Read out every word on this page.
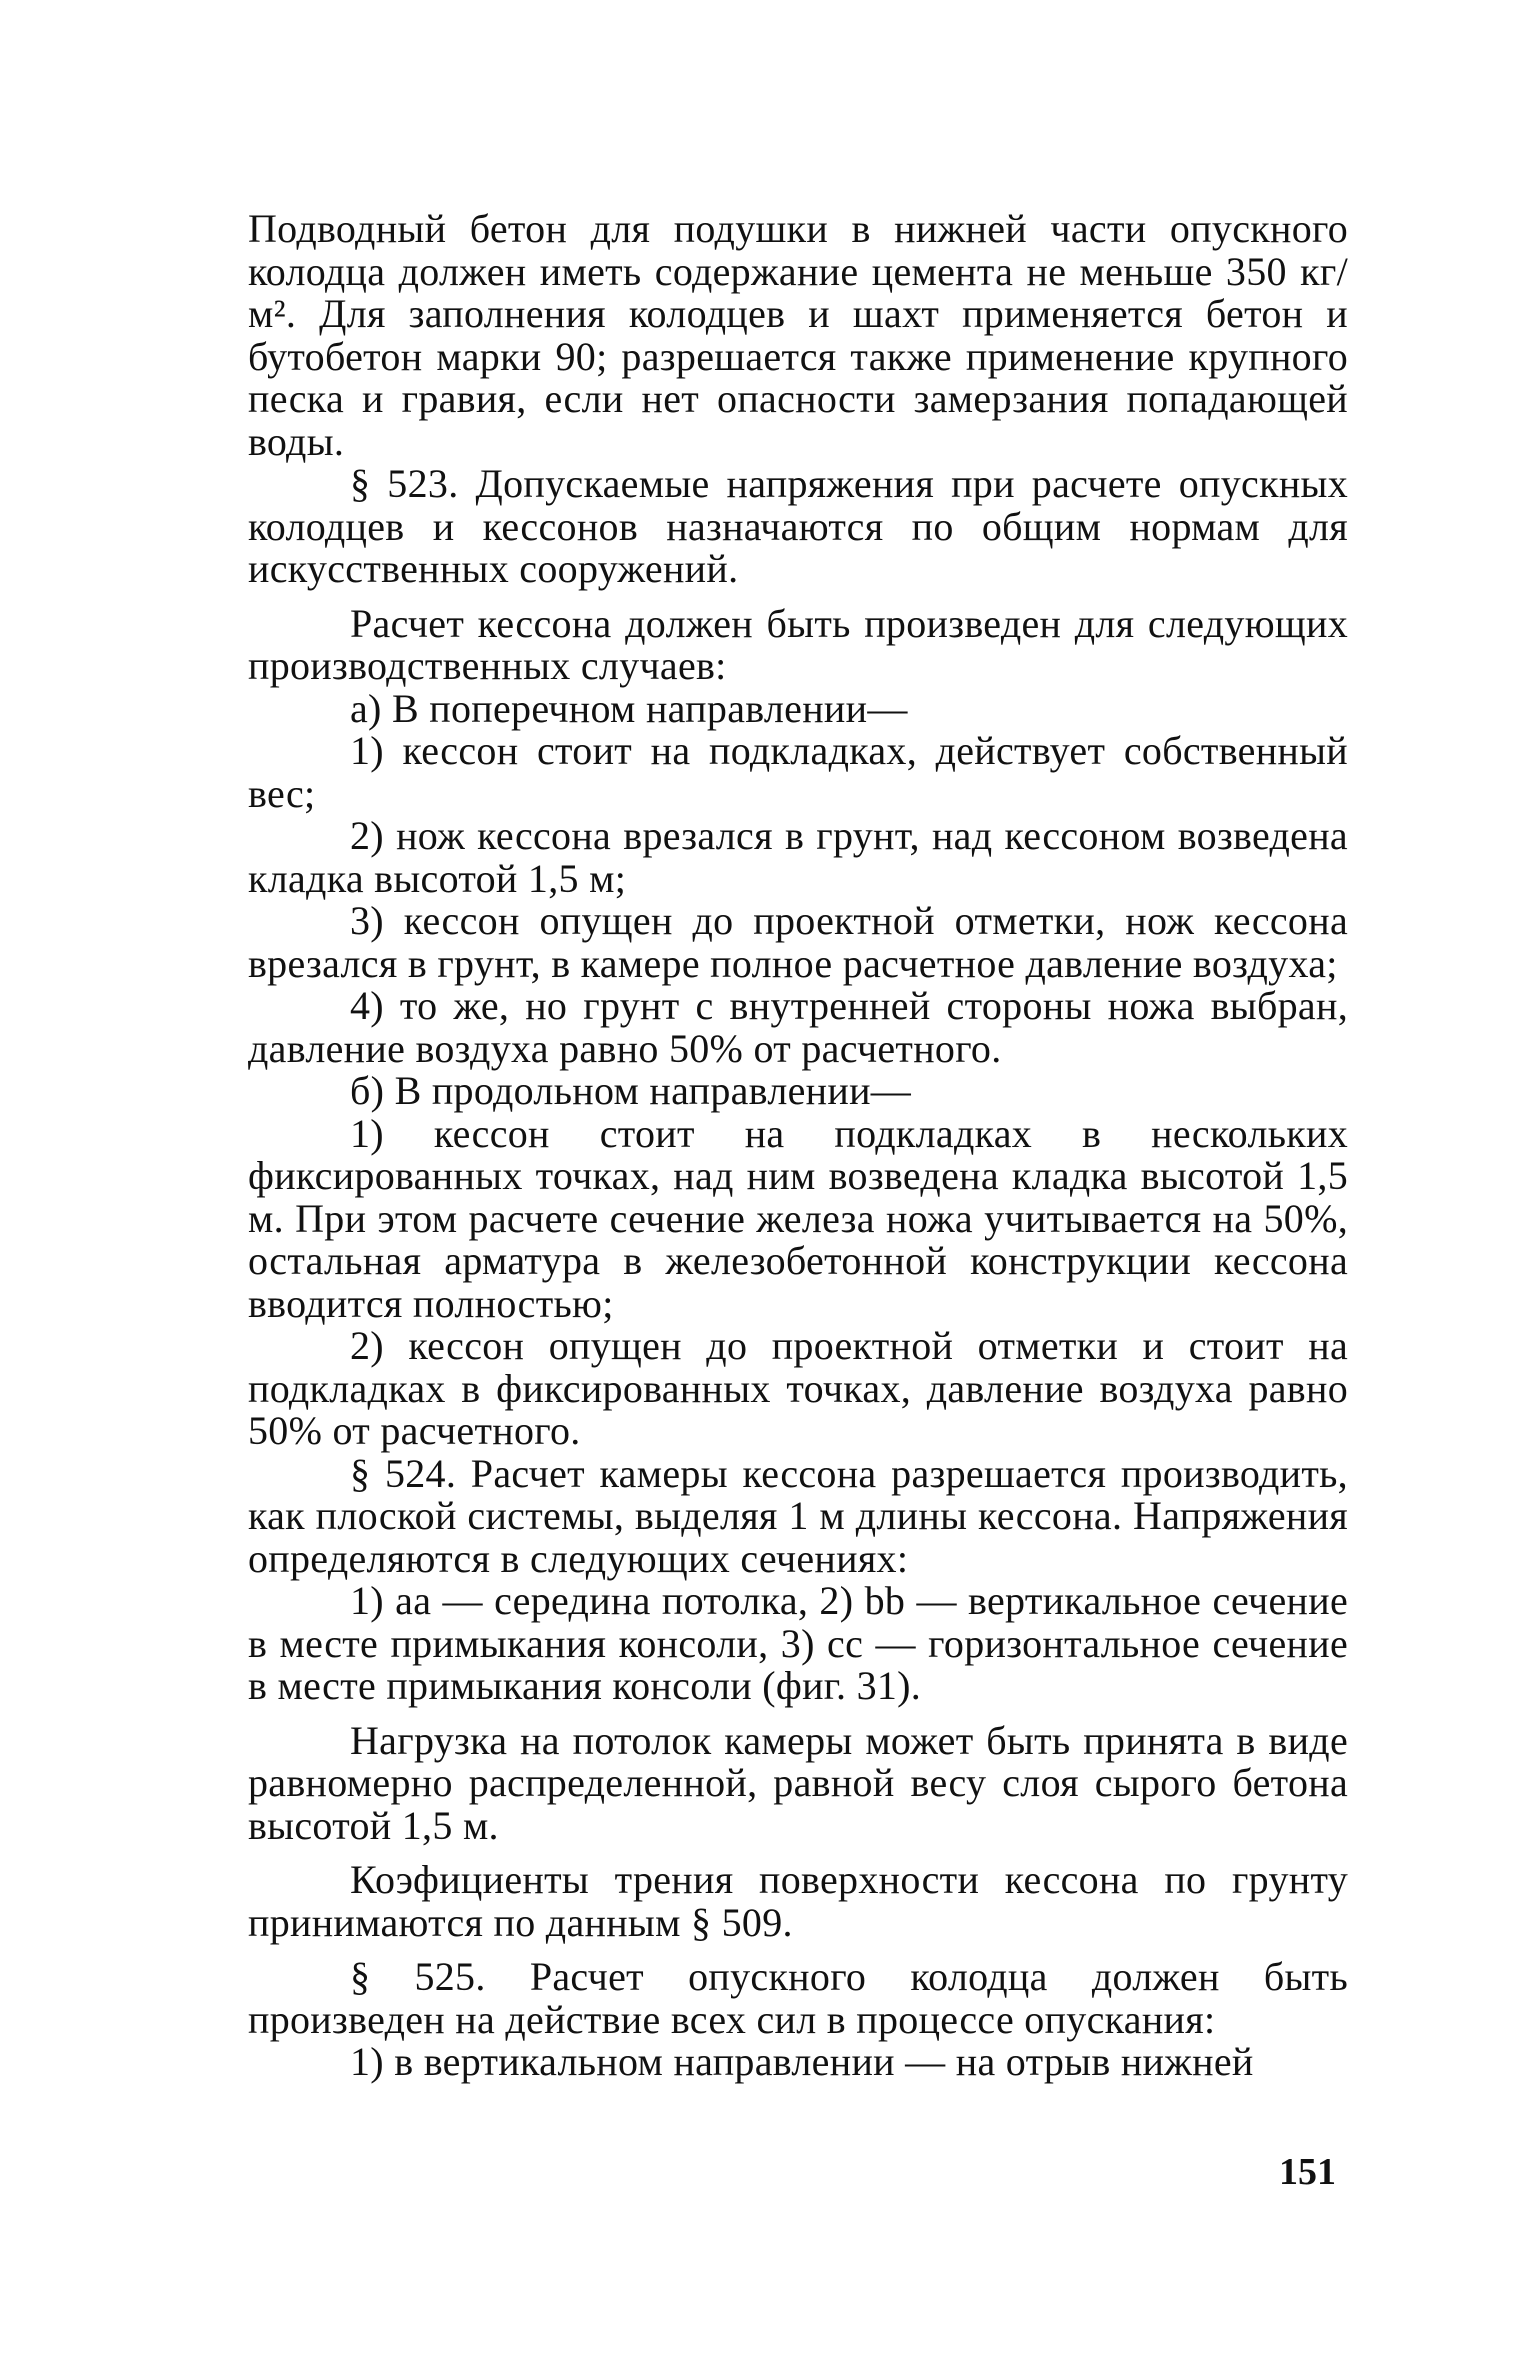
Подводный бетон для подушки в нижней части опускного колодца должен иметь содержание цемента не меньше 350 кг/м². Для заполнения колодцев и шахт применяется бетон и бутобетон марки 90; разрешается также применение крупного песка и гравия, если нет опасности замерзания попадающей воды.

§ 523. Допускаемые напряжения при расчете опускных колодцев и кессонов назначаются по общим нормам для искусственных сооружений.

Расчет кессона должен быть произведен для следующих производственных случаев:

а) В поперечном направлении—

1) кессон стоит на подкладках, действует собственный вес;

2) нож кессона врезался в грунт, над кессоном возведена кладка высотой 1,5 м;

3) кессон опущен до проектной отметки, нож кессона врезался в грунт, в камере полное расчетное давление воздуха;

4) то же, но грунт с внутренней стороны ножа выбран, давление воздуха равно 50% от расчетного.

б) В продольном направлении—

1) кессон стоит на подкладках в нескольких фиксированных точках, над ним возведена кладка высотой 1,5 м. При этом расчете сечение железа ножа учитывается на 50%, остальная арматура в железобетонной конструкции кессона вводится полностью;

2) кессон опущен до проектной отметки и стоит на подкладках в фиксированных точках, давление воздуха равно 50% от расчетного.

§ 524. Расчет камеры кессона разрешается производить, как плоской системы, выделяя 1 м длины кессона. Напряжения определяются в следующих сечениях:

1) аа — середина потолка, 2) bb — вертикальное сечение в месте примыкания консоли, 3) сс — горизонтальное сечение в месте примыкания консоли (фиг. 31).

Нагрузка на потолок камеры может быть принята в виде равномерно распределенной, равной весу слоя сырого бетона высотой 1,5 м.

Коэфициенты трения поверхности кессона по грунту принимаются по данным § 509.

§ 525. Расчет опускного колодца должен быть произведен на действие всех сил в процессе опускания:

1) в вертикальном направлении — на отрыв нижней

151
